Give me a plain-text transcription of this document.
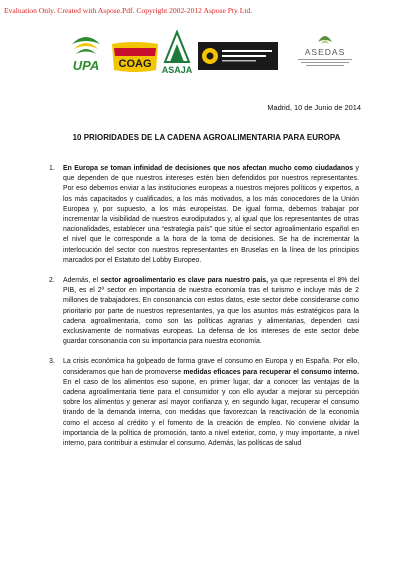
Evaluation Only. Created with Aspose.Pdf. Copyright 2002-2012 Aspose Pty Ltd.
UPA COAG ASAJA
ASEDAS
Madrid, 10 de Junio de 2014
10 PRIORIDADES DE LA CADENA AGROALIMENTARIA PARA EUROPA
1. En Europa se toman infinidad de decisiones que nos afectan mucho como ciudadanos y que dependen de que nuestros intereses estén bien defendidos por nuestros representantes. Por eso debemos enviar a las instituciones europeas a nuestros mejores políticos y expertos, a los más capacitados y cualificados, a los más motivados, a los más conocedores de la Unión Europea y, por supuesto, a los más europeístas. De igual forma, debemos trabajar por incrementar la visibilidad de nuestros eurodiputados y, al igual que los representantes de otras nacionalidades, establecer una “estrategia país” que sitúe el sector agroalimentario español en el nivel que le corresponde a la hora de la toma de decisiones. Se ha de incrementar la interlocución del sector con nuestros representantes en Bruselas en la línea de los principios marcados por el Estatuto del Lobby Europeo.

2. Además, el sector agroalimentario es clave para nuestro país, ya que representa el 8% del PIB, es el 2º sector en importancia de nuestra economía tras el turismo e incluye más de 2 millones de trabajadores. En consonancia con estos datos, este sector debe considerarse como prioritario por parte de nuestros representantes, ya que los asuntos más estratégicos para la cadena agroalimentaria, como son las políticas agrarias y alimentarias, dependen casi exclusivamente de normativas europeas. La defensa de los intereses de este sector debe guardar consonancia con su importancia para nuestra economía.

3. La crisis económica ha golpeado de forma grave el consumo en Europa y en España. Por ello, consideramos que han de promoverse medidas eficaces para recuperar el consumo interno. En el caso de los alimentos eso supone, en primer lugar, dar a conocer las ventajas de la cadena agroalimentaria tiene para el consumidor y con ello ayudar a mejorar su percepción sobre los alimentos y generar así mayor confianza y, en segundo lugar, recuperar el consumo tirando de la demanda interna, con medidas que favorezcan la reactivación de la economía como el acceso al crédito y el fomento de la creación de empleo. No conviene olvidar la importancia de la política de promoción, tanto a nivel exterior, como, y muy importante, a nivel interno, para contribuir a estimular el consumo. Además, las políticas de salud
